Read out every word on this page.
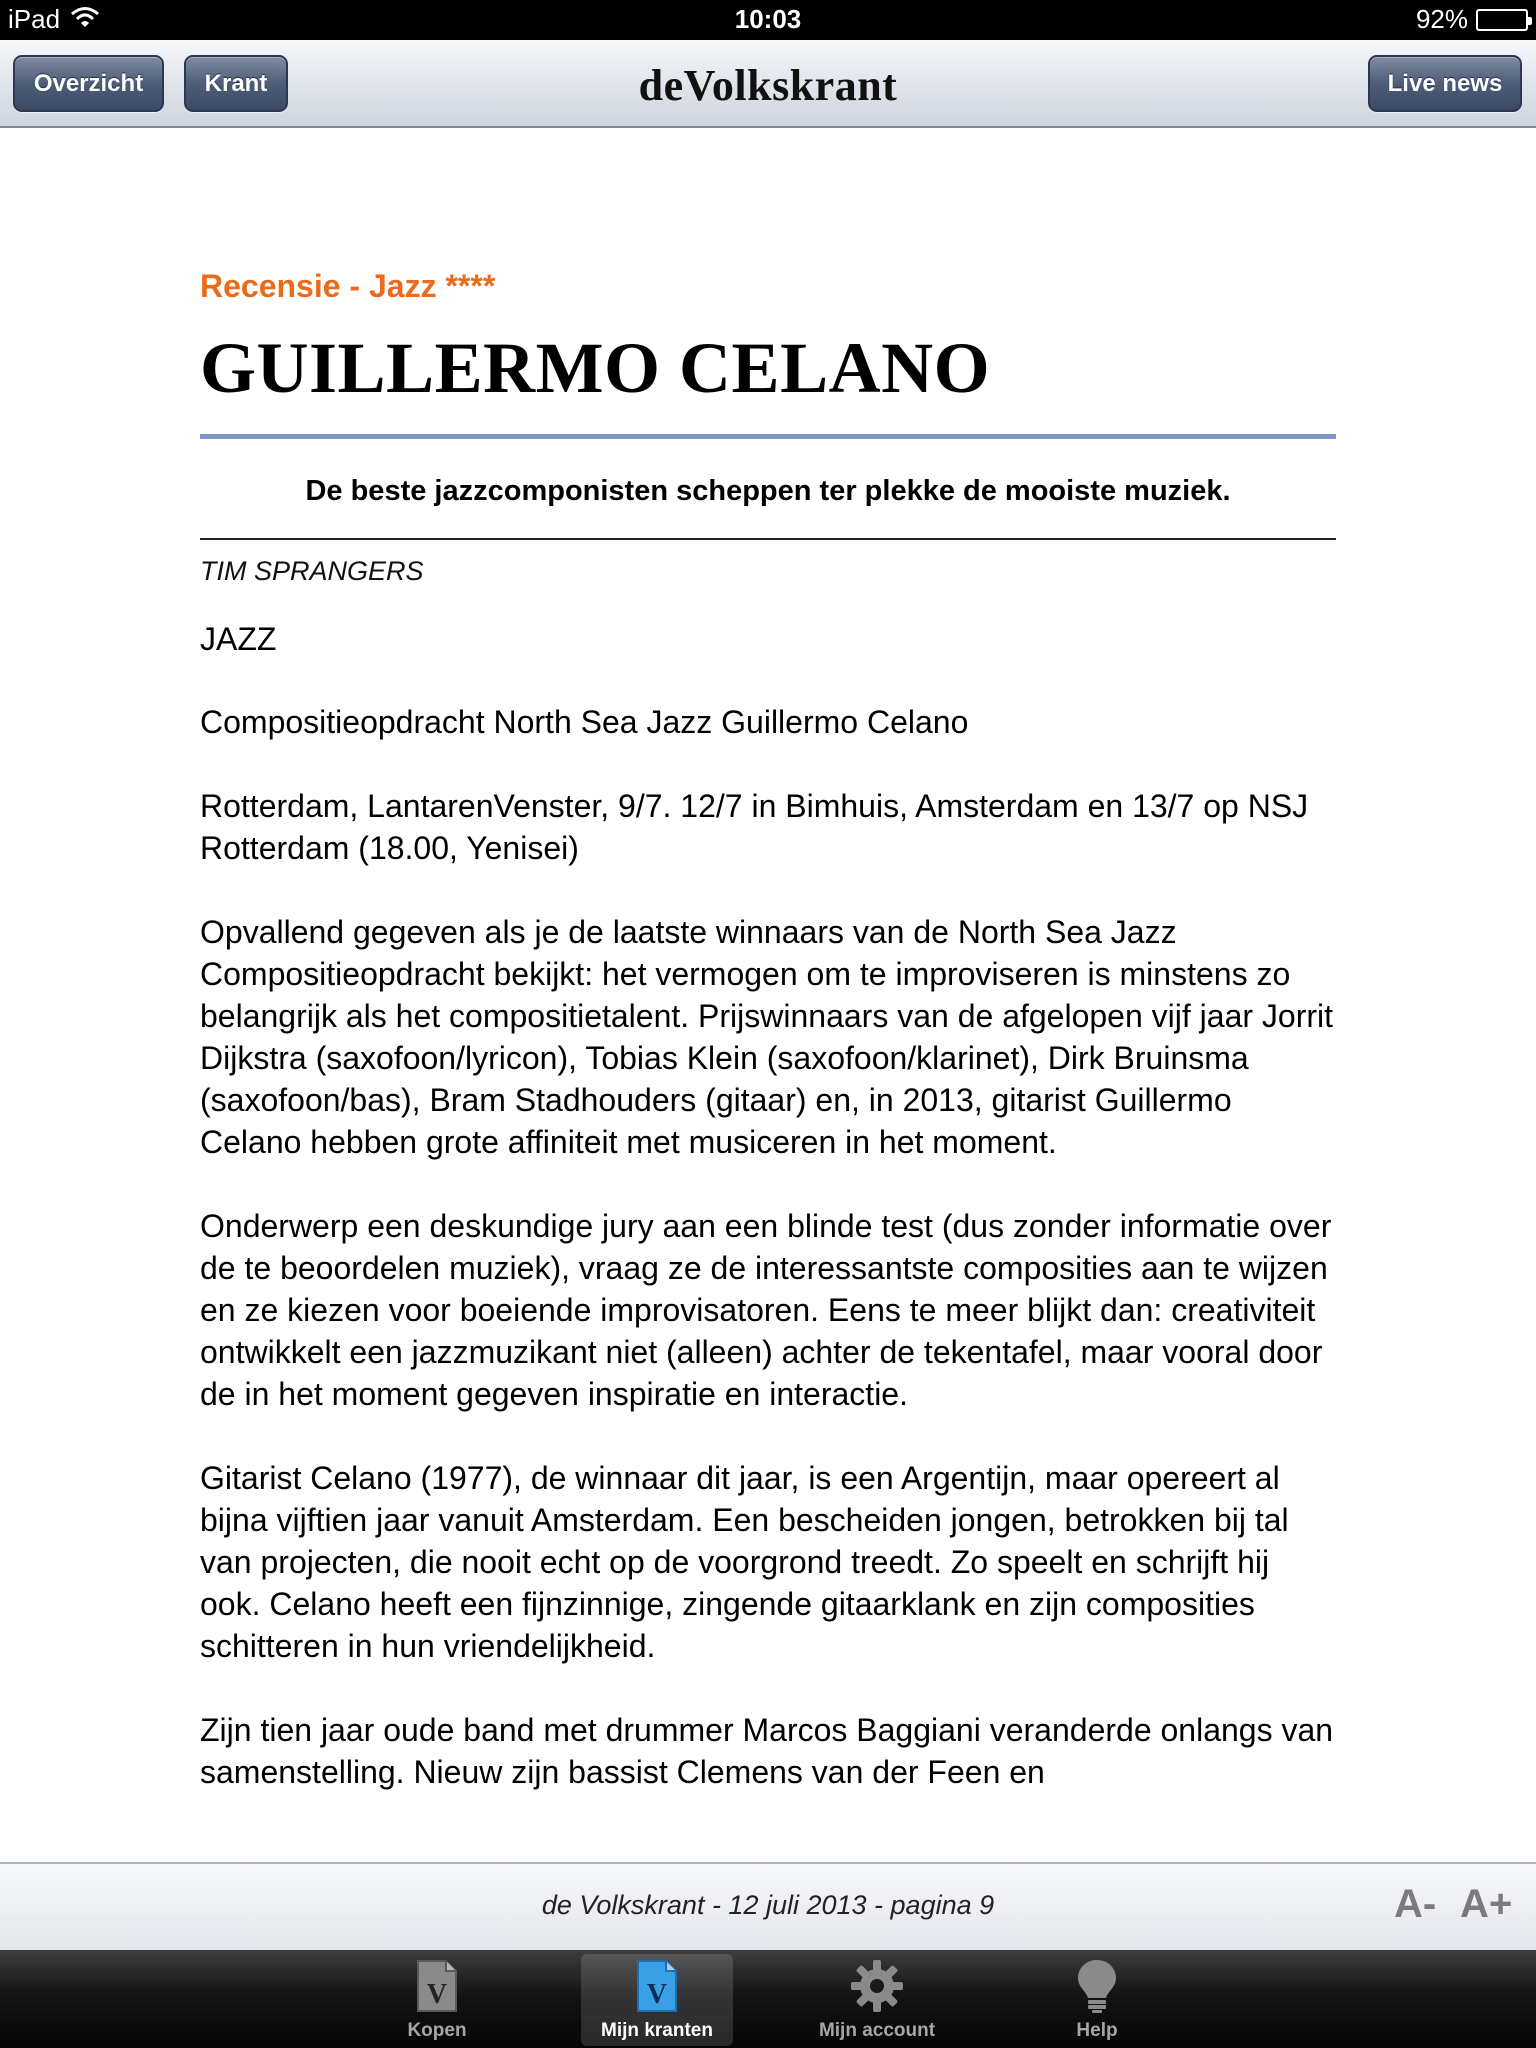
iPad	10:03	92%
Overzicht	Krant	deVolkskrant	Live news
Recensie - Jazz ****
GUILLERMO CELANO
De beste jazzcomponisten scheppen ter plekke de mooiste muziek.
TIM SPRANGERS
JAZZ

Compositieopdracht North Sea Jazz Guillermo Celano

Rotterdam, LantarenVenster, 9/7. 12/7 in Bimhuis, Amsterdam en 13/7 op NSJ Rotterdam (18.00, Yenisei)

Opvallend gegeven als je de laatste winnaars van de North Sea Jazz Compositieopdracht bekijkt: het vermogen om te improviseren is minstens zo belangrijk als het compositietalent. Prijswinnaars van de afgelopen vijf jaar Jorrit Dijkstra (saxofoon/lyricon), Tobias Klein (saxofoon/klarinet), Dirk Bruinsma (saxofoon/bas), Bram Stadhouders (gitaar) en, in 2013, gitarist Guillermo Celano hebben grote affiniteit met musiceren in het moment.

Onderwerp een deskundige jury aan een blinde test (dus zonder informatie over de te beoordelen muziek), vraag ze de interessantste composities aan te wijzen en ze kiezen voor boeiende improvisatoren. Eens te meer blijkt dan: creativiteit ontwikkelt een jazzmuzikant niet (alleen) achter de tekentafel, maar vooral door de in het moment gegeven inspiratie en interactie.

Gitarist Celano (1977), de winnaar dit jaar, is een Argentijn, maar opereert al bijna vijftien jaar vanuit Amsterdam. Een bescheiden jongen, betrokken bij tal van projecten, die nooit echt op de voorgrond treedt. Zo speelt en schrijft hij ook. Celano heeft een fijnzinnige, zingende gitaarklank en zijn composities schitteren in hun vriendelijkheid.

Zijn tien jaar oude band met drummer Marcos Baggiani veranderde onlangs van samenstelling. Nieuw zijn bassist Clemens van der Feen en

de Volkskrant - 12 juli 2013 - pagina 9	A- A+
V
Kopen
V
Mijn kranten	Mijn account	Help
